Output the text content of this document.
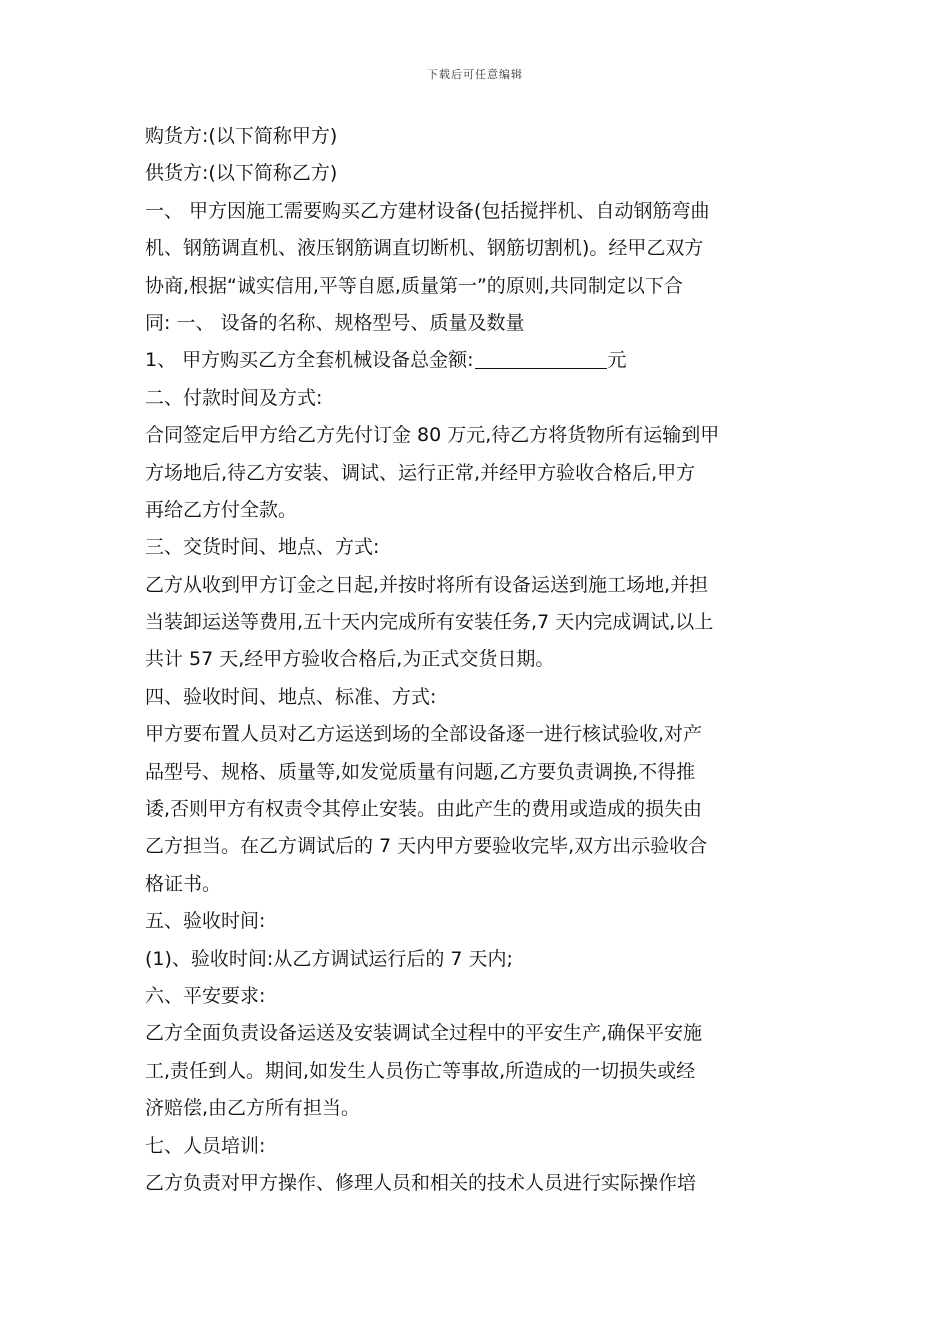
下载后可任意编辑
购货方:(以下简称甲方)
供货方:(以下简称乙方)
一、 甲方因施工需要购买乙方建材设备(包括搅拌机、自动钢筋弯曲
机、钢筋调直机、液压钢筋调直切断机、钢筋切割机)。经甲乙双方
协商,根据“诚实信用,平等自愿,质量第一”的原则,共同制定以下合
同: 一、 设备的名称、规格型号、质量及数量
1、 甲方购买乙方全套机械设备总金额:	元
二、付款时间及方式:
合同签定后甲方给乙方先付订金 80 万元,待乙方将货物所有运输到甲
方场地后,待乙方安装、调试、运行正常,并经甲方验收合格后,甲方
再给乙方付全款。
三、交货时间、地点、方式:
乙方从收到甲方订金之日起,并按时将所有设备运送到施工场地,并担
当装卸运送等费用,五十天内完成所有安装任务,7 天内完成调试,以上
共计 57 天,经甲方验收合格后,为正式交货日期。
四、验收时间、地点、标准、方式:
甲方要布置人员对乙方运送到场的全部设备逐一进行核试验收,对产
品型号、规格、质量等,如发觉质量有问题,乙方要负责调换,不得推
诿,否则甲方有权责令其停止安装。由此产生的费用或造成的损失由
乙方担当。在乙方调试后的 7 天内甲方要验收完毕,双方出示验收合
格证书。
五、验收时间:
(1)、验收时间:从乙方调试运行后的 7 天内;
六、平安要求:
乙方全面负责设备运送及安装调试全过程中的平安生产,确保平安施
工,责任到人。期间,如发生人员伤亡等事故,所造成的一切损失或经
济赔偿,由乙方所有担当。
七、人员培训:
乙方负责对甲方操作、修理人员和相关的技术人员进行实际操作培
